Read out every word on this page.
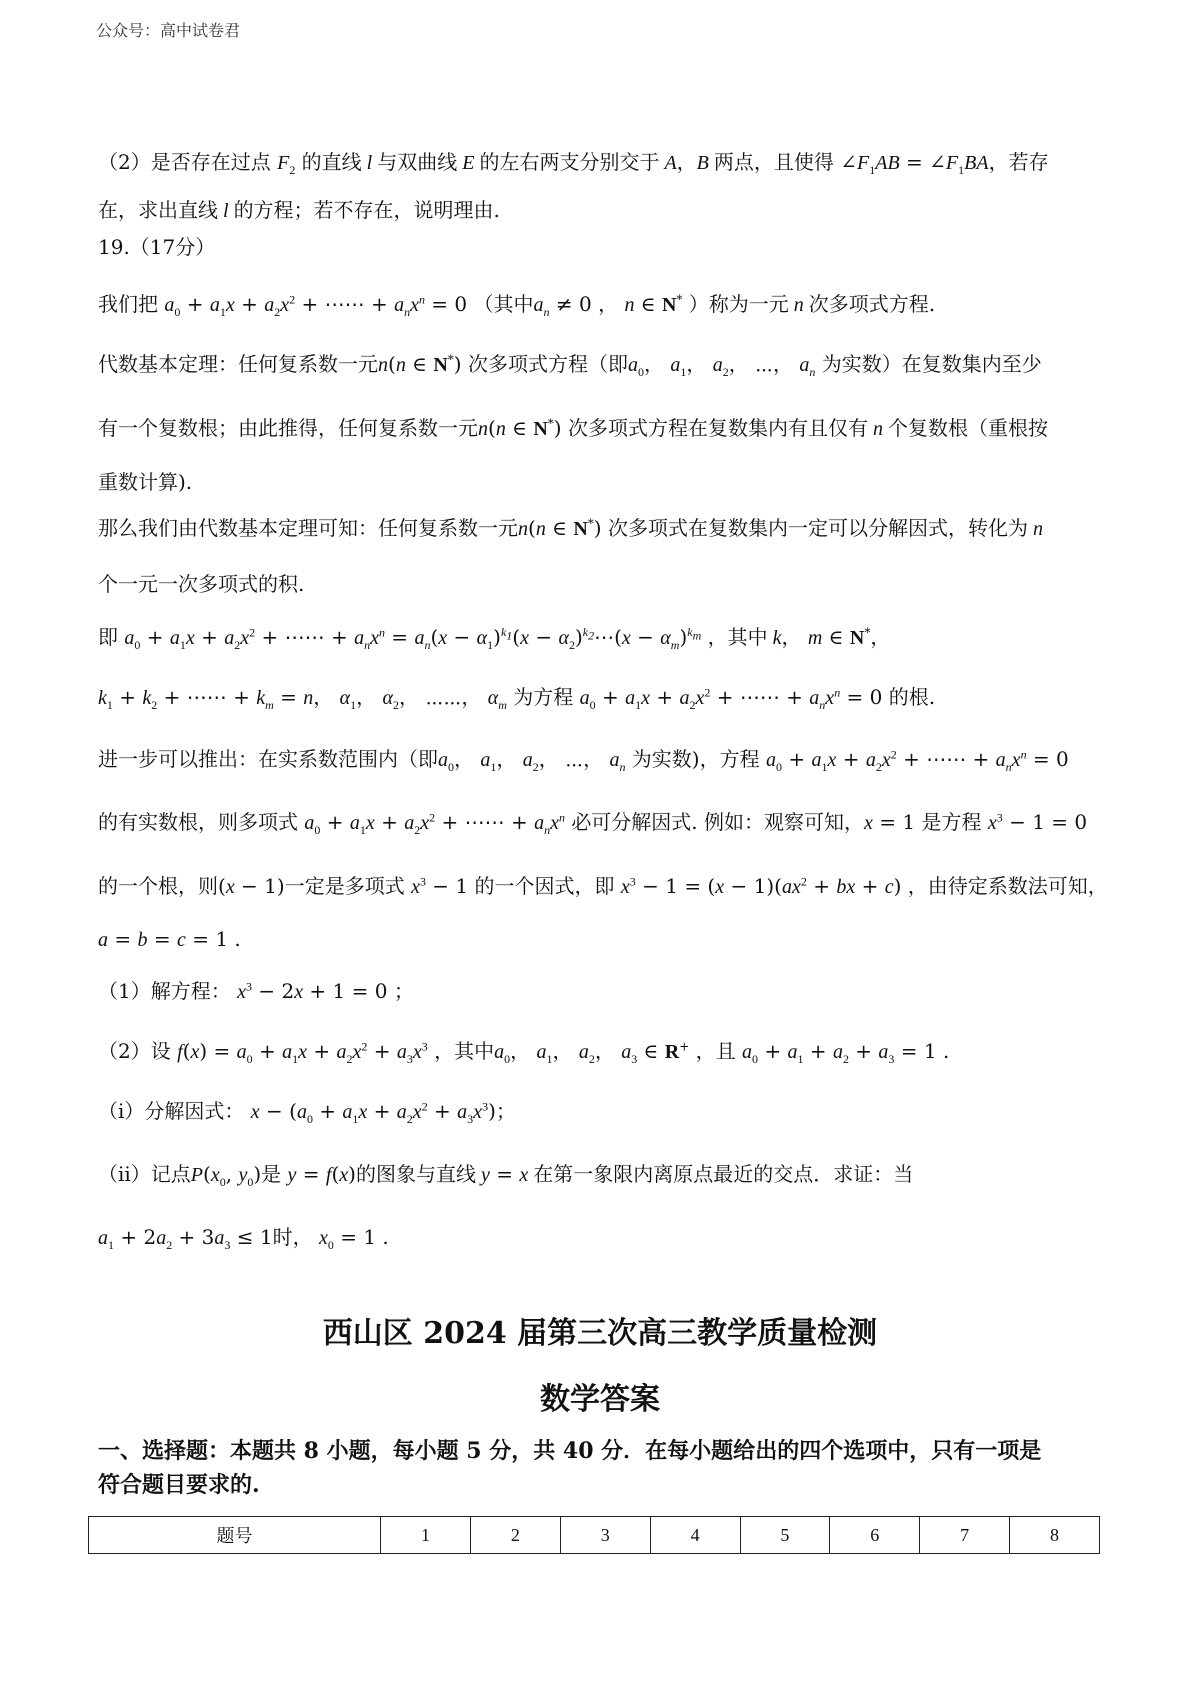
公众号：高中试卷君
（2）是否存在过点 $F_2$ 的直线 l 与双曲线 E 的左右两支分别交于 A，B 两点，且使得 $\angle F_1AB$ = $\angle F_1BA$，若存
在，求出直线 l 的方程；若不存在，说明理由.
19.（17分）
我们把 $a_0 + a_1x + a_2x^2$ + ⋯⋯ + $a_nx^n = 0$ （其中$a_n \ne 0$ ， n ∈ N* ）称为一元 n 次多项式方程.
代数基本定理：任何复系数一元n(n ∈ N*) 次多项式方程（即$a_0$， $a_1$， $a_2$， ⋯， $a_n$ 为实数）在复数集内至少
有一个复数根；由此推得，任何复系数一元n(n ∈ N*) 次多项式方程在复数集内有且仅有 n 个复数根（重根按
重数计算).
那么我们由代数基本定理可知：任何复系数一元n(n ∈ N*) 次多项式在复数集内一定可以分解因式，转化为 n
个一元一次多项式的积.
即 $a_0 + a_1x + a_2x^2$ + ⋯⋯ + $a_nx^n = a_n(x - \alpha_1)^{k_1}(x$ − $\alpha_2)^{k_2}\cdots(x - \alpha_m)^{k_m}$ ，其中 k， m ∈ N*，
$k_1 + k_2$ + ⋯⋯ + $k_m = n$， $\alpha_1$， $\alpha_2$， ⋯⋯， $\alpha_m$ 为方程 $a_0 + a_1x + a_2x^2$ + ⋯⋯ + $a_nx^n = 0$ 的根.
进一步可以推出：在实系数范围内（即$a_0$， $a_1$， $a_2$， ⋯， $a_n$ 为实数)，方程 $a_0 + a_1x + a_2x^2$ + ⋯⋯ + $a_nx^n = 0$
的有实数根，则多项式 $a_0 + a_1x + a_2x^2$ + ⋯⋯ + $a_nx^n$ 必可分解因式. 例如：观察可知，x = 1 是方程 $x^3 - 1 = 0$
的一个根，则(x − 1)一定是多项式 $x^3 - 1$ 的一个因式，即 $x^3 - 1 = (x - 1)(ax^2$ + bx + c) ，由待定系数法可知，
a = b = c = 1 .
（1）解方程： $x^3 - 2x + 1 = 0$ ；
（2）设 $f(x) = a_0 + a_1x + a_2x^2 + a_3x^3$ ，其中$a_0$， $a_1$， $a_2$， $a_3$ ∈ R+ ，且 $a_0 + a_1 + a_2 + a_3 = 1$ .
（i）分解因式： $x - (a_0 + a_1x + a_2x^2 + a_3x^3)$；
（ii）记点$P(x_0$, $y_0$)是 y = f(x)的图象与直线 y = x 在第一象限内离原点最近的交点．求证：当
$a_1 + 2a_2 + 3a_3 \le 1$时， $x_0 = 1$ .
西山区 2024 届第三次高三教学质量检测
数学答案
一、选择题：本题共 8 小题，每小题 5 分，共 40 分．在每小题给出的四个选项中，只有一项是
符合题目要求的.
题号	1	2	3	4	5	6	7	8
